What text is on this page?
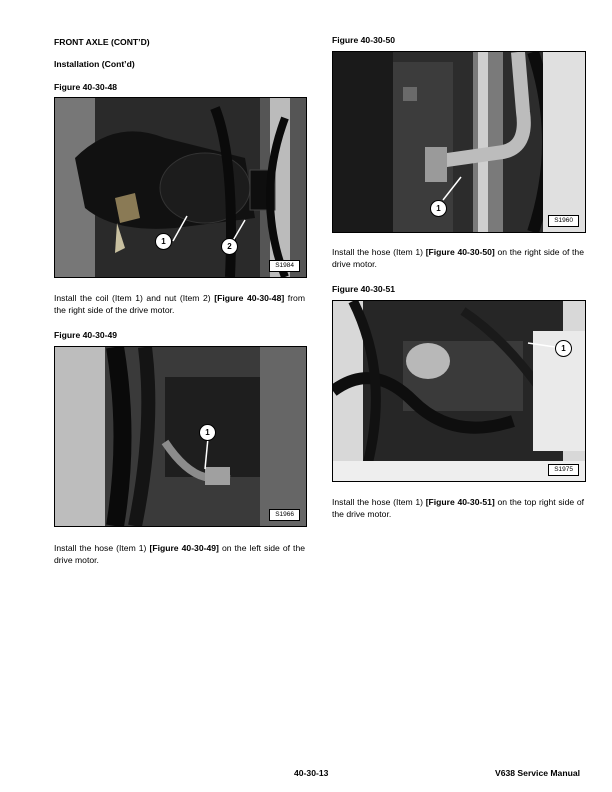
FRONT AXLE (CONT’D)

Installation (Cont’d)

Figure 40-30-48

1
2
S1984

Install the coil (Item 1) and nut (Item 2) [Figure 40-30-48] from the right side of the drive motor.

Figure 40-30-49

1
S1966

Install the hose (Item 1) [Figure 40-30-49] on the left side of the drive motor.

Figure 40-30-50

1
S1960

Install the hose (Item 1) [Figure 40-30-50] on the right side of the drive motor.

Figure 40-30-51

1
S1975

Install the hose (Item 1) [Figure 40-30-51] on the top right side of the drive motor.

40-30-13	V638 Service Manual
